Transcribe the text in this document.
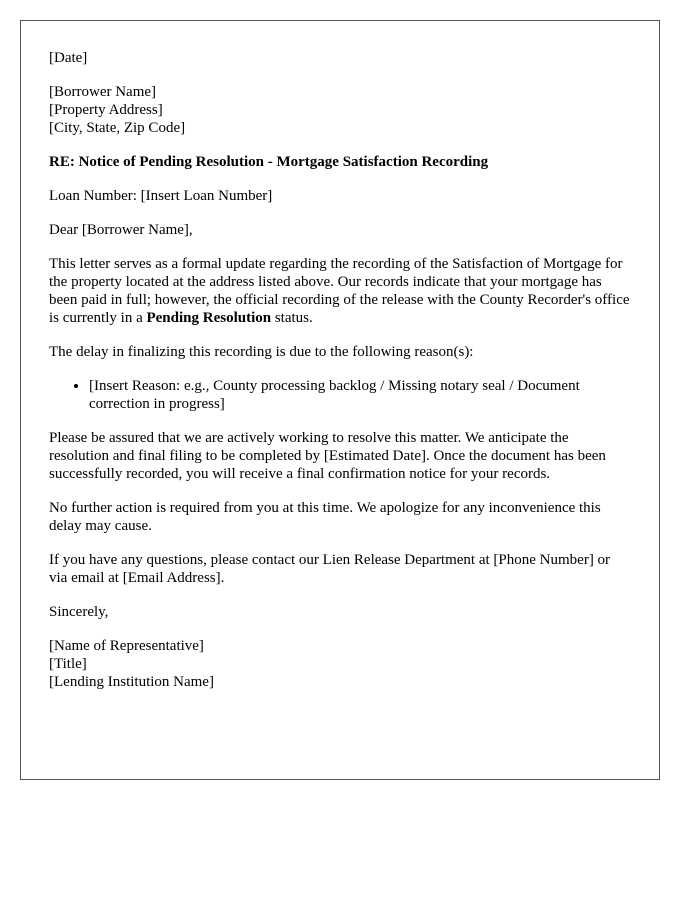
[Date]

[Borrower Name]
[Property Address]
[City, State, Zip Code]

RE: Notice of Pending Resolution - Mortgage Satisfaction Recording

Loan Number: [Insert Loan Number]

Dear [Borrower Name],

This letter serves as a formal update regarding the recording of the Satisfaction of Mortgage for the property located at the address listed above. Our records indicate that your mortgage has been paid in full; however, the official recording of the release with the County Recorder's office is currently in a Pending Resolution status.

The delay in finalizing this recording is due to the following reason(s):

• [Insert Reason: e.g., County processing backlog / Missing notary seal / Document correction in progress]

Please be assured that we are actively working to resolve this matter. We anticipate the resolution and final filing to be completed by [Estimated Date]. Once the document has been successfully recorded, you will receive a final confirmation notice for your records.

No further action is required from you at this time. We apologize for any inconvenience this delay may cause.

If you have any questions, please contact our Lien Release Department at [Phone Number] or via email at [Email Address].

Sincerely,

[Name of Representative]
[Title]
[Lending Institution Name]
